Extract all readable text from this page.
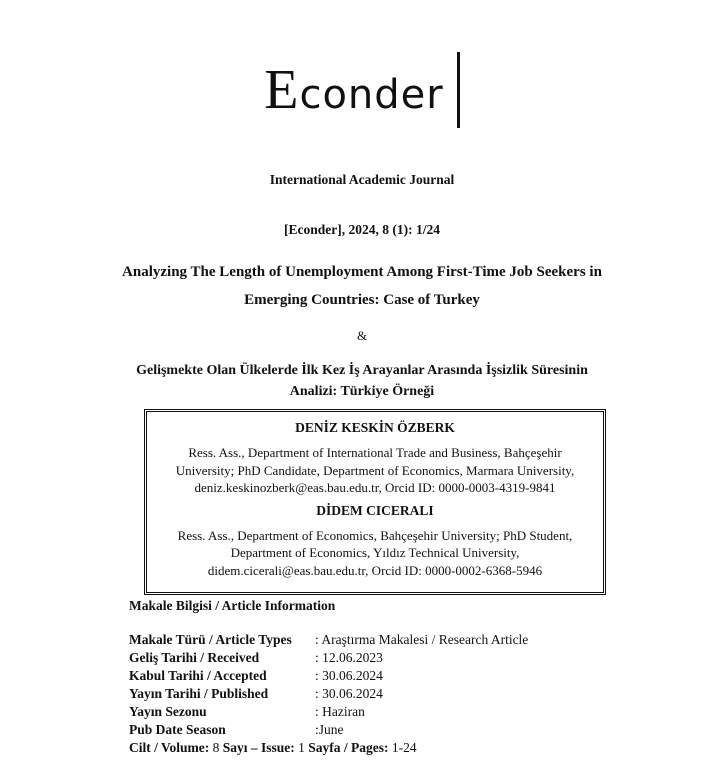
Econder
International Academic Journal
[Econder], 2024, 8 (1): 1/24
Analyzing The Length of Unemployment Among First-Time Job Seekers in
Emerging Countries: Case of Turkey
&
Gelişmekte Olan Ülkelerde İlk Kez İş Arayanlar Arasında İşsizlik Süresinin
Analizi: Türkiye Örneği
DENİZ KESKİN ÖZBERK
Ress. Ass., Department of International Trade and Business, Bahçeşehir
University; PhD Candidate, Department of Economics, Marmara University,
deniz.keskinozberk@eas.bau.edu.tr, Orcid ID: 0000-0003-4319-9841
DİDEM CICERALI
Ress. Ass., Department of Economics, Bahçeşehir University; PhD Student,
Department of Economics, Yıldız Technical University,
didem.cicerali@eas.bau.edu.tr, Orcid ID: 0000-0002-6368-5946
Makale Bilgisi / Article Information
Makale Türü / Article Types : Araştırma Makalesi / Research Article
Geliş Tarihi / Received	: 12.06.2023
Kabul Tarihi / Accepted	: 30.06.2024
Yayın Tarihi / Published	: 30.06.2024
Yayın Sezonu	: Haziran
Pub Date Season	:June
Cilt / Volume: 8 Sayı – Issue: 1 Sayfa / Pages: 1-24
